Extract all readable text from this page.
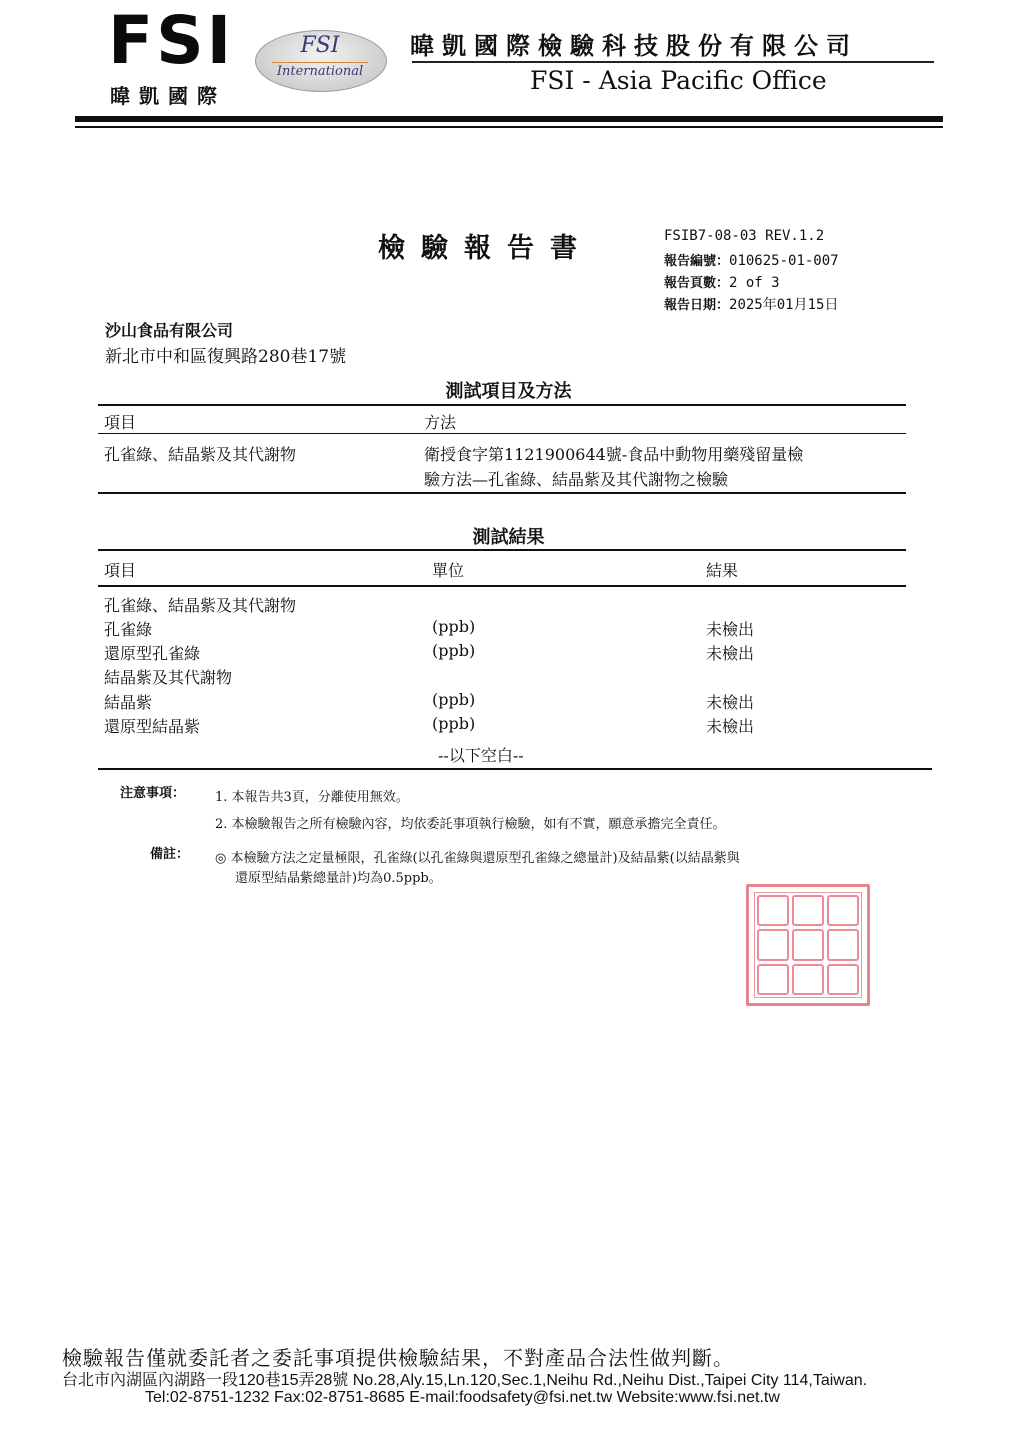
FSI
暐凱國際
FSI
International
暐凱國際檢驗科技股份有限公司
FSI - Asia Pacific Office
檢驗報告書	FSIB7-08-03 REV.1.2
報告編號：010625-01-007
報告頁數：2 of 3
報告日期：2025年01月15日
沙山食品有限公司
新北市中和區復興路280巷17號
測試項目及方法
項目	方法
孔雀綠、結晶紫及其代謝物	衛授食字第1121900644號-食品中動物用藥殘留量檢
驗方法—孔雀綠、結晶紫及其代謝物之檢驗
測試結果
項目	單位	結果
孔雀綠、結晶紫及其代謝物
孔雀綠	(ppb)	未檢出
還原型孔雀綠	(ppb)	未檢出
結晶紫及其代謝物
結晶紫	(ppb)	未檢出
還原型結晶紫	(ppb)	未檢出
--以下空白--
注意事項： 1. 本報告共3頁，分離使用無效。
2. 本檢驗報告之所有檢驗內容，均依委託事項執行檢驗，如有不實，願意承擔完全責任。
備註： ◎ 本檢驗方法之定量極限，孔雀綠(以孔雀綠與還原型孔雀綠之總量計)及結晶紫(以結晶紫與
還原型結晶紫總量計)均為0.5ppb。
檢驗報告僅就委託者之委託事項提供檢驗結果，不對產品合法性做判斷。
台北市內湖區內湖路一段120巷15弄28號 No.28,Aly.15,Ln.120,Sec.1,Neihu Rd.,Neihu Dist.,Taipei City 114,Taiwan.
Tel:02-8751-1232 Fax:02-8751-8685 E-mail:foodsafety@fsi.net.tw Website:www.fsi.net.tw
